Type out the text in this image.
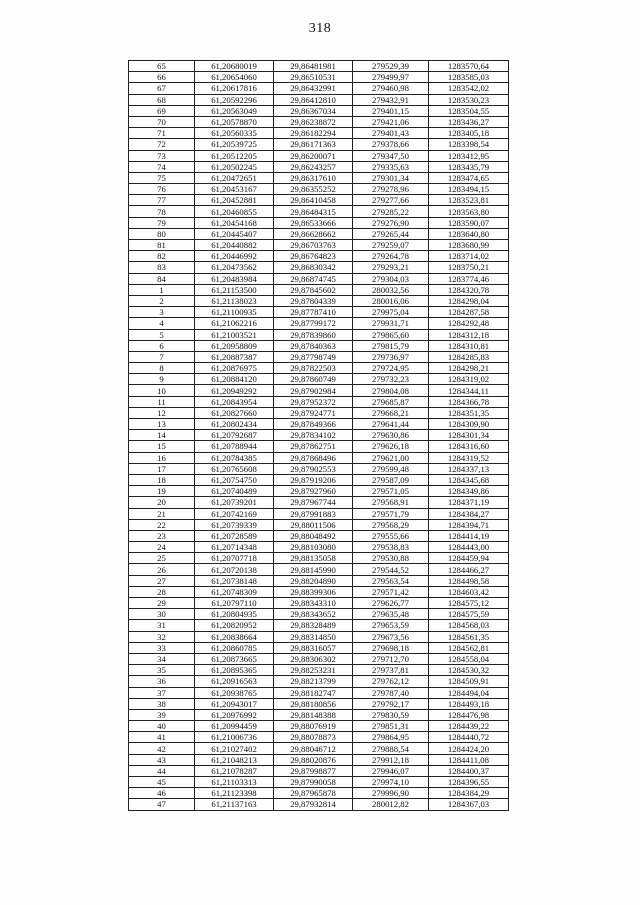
318
65	61,20680019	29,86481981	279529,39	1283570,64
66	61,20654060	29,86510531	279499,97	1283585,03
67	61,20617816	29,86432991	279460,98	1283542,02
68	61,20592296	29,86412810	279432,91	1283530,23
69	61,20563049	29,86367034	279401,15	1283504,55
70	61,20578870	29,86238872	279421,06	1283436,27
71	61,20560335	29,86182294	279401,43	1283405,18
72	61,20539725	29,86171363	279378,66	1283398,54
73	61,20512205	29,86200071	279347,50	1283412,95
74	61,20502245	29,86243257	279335,63	1283435,79
75	61,20472651	29,86317610	279301,34	1283474,65
76	61,20453167	29,86355252	279278,96	1283494,15
77	61,20452881	29,86410458	279277,66	1283523,81
78	61,20460855	29,86484315	279285,22	1283563,80
79	61,20454168	29,86533666	279276,90	1283590,07
80	61,20445407	29,86628662	279265,44	1283640,80
81	61,20440882	29,86703763	279259,07	1283680,99
82	61,20446992	29,86764823	279264,78	1283714,02
83	61,20473562	29,86830342	279293,21	1283750,21
84	61,20483984	29,86874745	279304,03	1283774,46
1	61,21153500	29,87845602	280032,56	1284320,78
2	61,21138023	29,87804339	280016,06	1284298,04
3	61,21100935	29,87787410	279975,04	1284287,58
4	61,21062216	29,87799172	279931,71	1284292,48
5	61,21003521	29,87839860	279865,60	1284312,18
6	61,20958809	29,87840363	279815,79	1284310,81
7	61,20887387	29,87798749	279736,97	1284285,83
8	61,20876975	29,87822503	279724,95	1284298,21
9	61,20884120	29,87860749	279732,23	1284319,02
10	61,20949292	29,87902984	279804,08	1284344,11
11	61,20843954	29,87952372	279685,87	1284366,78
12	61,20827660	29,87924771	279668,21	1284351,35
13	61,20802434	29,87849366	279641,44	1284309,90
14	61,20792687	29,87834102	279630,86	1284301,34
15	61,20788944	29,87862751	279626,18	1284316,60
16	61,20784385	29,87868496	279621,00	1284319,52
17	61,20765608	29,87902553	279599,48	1284337,13
18	61,20754750	29,87919206	279587,09	1284345,68
19	61,20740489	29,87927960	279571,05	1284349,86
20	61,20739201	29,87967744	279568,91	1284371,19
21	61,20742169	29,87991883	279571,79	1284384,27
22	61,20739339	29,88011506	279568,29	1284394,71
23	61,20728589	29,88048492	279555,66	1284414,19
24	61,20714348	29,88103080	279538,83	1284443,00
25	61,20707718	29,88135058	279530,88	1284459,94
26	61,20720138	29,88145990	279544,52	1284466,27
27	61,20738148	29,88204890	279563,54	1284498,58
28	61,20748309	29,88399306	279571,42	1284603,42
29	61,20797110	29,88343310	279626,77	1284575,12
30	61,20804935	29,88343652	279635,48	1284575,59
31	61,20820952	29,88328489	279653,59	1284568,03
32	61,20838664	29,88314850	279673,56	1284561,35
33	61,20860785	29,88316057	279698,18	1284562,81
34	61,20873665	29,88306302	279712,70	1284558,04
35	61,20895365	29,88253231	279737,81	1284530,32
36	61,20916563	29,88213799	279762,12	1284509,91
37	61,20938765	29,88182747	279787,40	1284494,04
38	61,20943017	29,88180856	279792,17	1284493,18
39	61,20976992	29,88148388	279830,59	1284476,98
40	61,20994459	29,88076919	279851,31	1284439,22
41	61,21006736	29,88078873	279864,95	1284440,72
42	61,21027402	29,88046712	279888,54	1284424,20
43	61,21048213	29,88020876	279912,18	1284411,08
44	61,21078287	29,87998877	279946,07	1284400,37
45	61,21103313	29,87990058	279974,10	1284396,55
46	61,21123398	29,87965878	279996,90	1284384,29
47	61,21137163	29,87932814	280012,82	1284367,03
